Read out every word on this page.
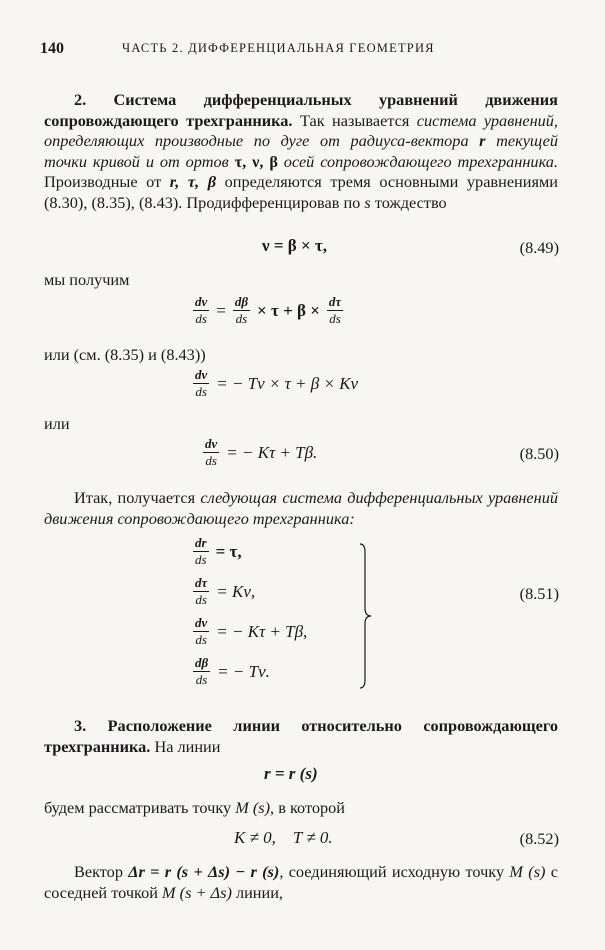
140	ЧАСТЬ 2. ДИФФЕРЕНЦИАЛЬНАЯ ГЕОМЕТРИЯ
2. Система дифференциальных уравнений движения сопровождающего трехгранника. Так называется система уравнений, определяющих производные по дуге от радиуса-вектора r текущей точки кривой и от ортов τ, ν, β осей сопровождающего трехгранника. Производные от r, τ, β определяются тремя основными уравнениями (8.30), (8.35), (8.43). Продифференцировав по s тождество
ν = β × τ,	(8.49)
мы получим
$\frac{d\nu}{ds} = \frac{d\beta}{ds} \times \tau + \beta \times \frac{d\tau}{ds}$
или (см. (8.35) и (8.43))
$\frac{d\nu}{ds}$ = − Tν × τ + β × Kν
или
$\frac{d\nu}{ds}$ = − Kτ + Tβ.	(8.50)
Итак, получается следующая система дифференциальных уравнений движения сопровождающего трехгранника:
$\frac{dr}{ds} = \tau$,
$\frac{d\tau}{ds} = K\nu$,
$\frac{d\nu}{ds}$ = − Kτ + Tβ,
$\frac{d\beta}{ds}$ = − Tν.
(8.51)
3. Расположение линии относительно сопровождающего трехгранника. На линии
r = r (s)
будем рассматривать точку M (s), в которой
K ≠ 0,    T ≠ 0.	(8.52)
Вектор Δr = r (s + Δs) − r (s), соединяющий исходную точку M (s) с соседней точкой M (s + Δs) линии,
